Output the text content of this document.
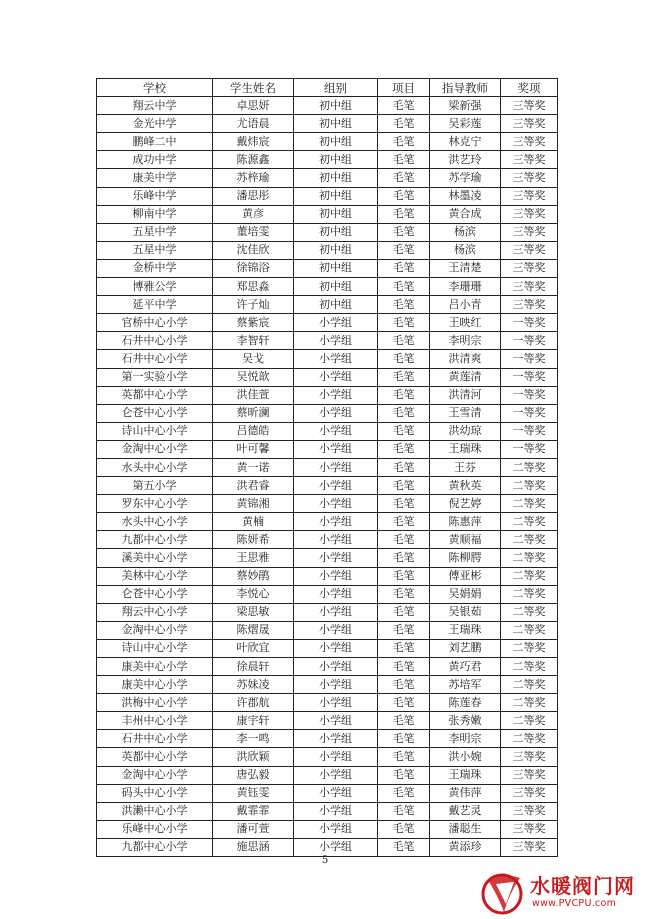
学校	学生姓名	组别	项目	指导教师	奖项
翔云中学	卓思妍	初中组	毛笔	梁新强	三等奖
金光中学	尤语晨	初中组	毛笔	吴彩莲	三等奖
鹏峰二中	戴炜宸	初中组	毛笔	林克宁	三等奖
成功中学	陈源鑫	初中组	毛笔	洪艺玲	三等奖
康美中学	苏梓瑜	初中组	毛笔	苏学瑜	三等奖
乐峰中学	潘思彤	初中组	毛笔	林墨凌	三等奖
柳南中学	黄彦	初中组	毛笔	黄合成	三等奖
五星中学	董培雯	初中组	毛笔	杨滨	三等奖
五星中学	沈佳欣	初中组	毛笔	杨滨	三等奖
金桥中学	徐锦浴	初中组	毛笔	王清楚	三等奖
博雅公学	郑思淼	初中组	毛笔	李珊珊	三等奖
延平中学	许子灿	初中组	毛笔	吕小青	三等奖
官桥中心小学	蔡紫宸	小学组	毛笔	王映红	一等奖
石井中心小学	李智轩	小学组	毛笔	李明宗	一等奖
石井中心小学	吴戈	小学组	毛笔	洪清爽	一等奖
第一实验小学	吴悦歆	小学组	毛笔	黄莲清	一等奖
英都中心小学	洪佳萱	小学组	毛笔	洪清河	一等奖
仑苍中心小学	蔡昕澜	小学组	毛笔	王雪清	一等奖
诗山中心小学	吕德皓	小学组	毛笔	洪幼琼	一等奖
金淘中心小学	叶可馨	小学组	毛笔	王瑞珠	一等奖
水头中心小学	黄一诺	小学组	毛笔	王芬	二等奖
第五小学	洪君睿	小学组	毛笔	黄秋英	二等奖
罗东中心小学	黄锦湘	小学组	毛笔	倪艺婷	二等奖
水头中心小学	黄楠	小学组	毛笔	陈惠萍	二等奖
九都中心小学	陈妍希	小学组	毛笔	黄顺福	二等奖
溪美中心小学	王思雅	小学组	毛笔	陈柳腭	二等奖
美林中心小学	蔡妙鹃	小学组	毛笔	傅亚彬	二等奖
仑苍中心小学	李悦心	小学组	毛笔	吴娟娟	二等奖
翔云中心小学	梁思敏	小学组	毛笔	吴银茹	二等奖
金淘中心小学	陈熠晟	小学组	毛笔	王瑞珠	二等奖
诗山中心小学	叶欣宜	小学组	毛笔	刘艺鹏	二等奖
康美中心小学	徐晨轩	小学组	毛笔	黄巧君	二等奖
康美中心小学	苏妹凌	小学组	毛笔	苏培军	二等奖
洪梅中心小学	许郡航	小学组	毛笔	陈莲春	二等奖
丰州中心小学	康宇轩	小学组	毛笔	张秀嫩	二等奖
石井中心小学	李一鸣	小学组	毛笔	李明宗	二等奖
英都中心小学	洪欣颖	小学组	毛笔	洪小婉	三等奖
金淘中心小学	唐弘毅	小学组	毛笔	王瑞珠	三等奖
码头中心小学	黄钰雯	小学组	毛笔	黄伟萍	三等奖
洪濑中心小学	戴霏霏	小学组	毛笔	戴艺灵	三等奖
乐峰中心小学	潘可萱	小学组	毛笔	潘聪生	三等奖
九都中心小学	施思涵	小学组	毛笔	黄添珍	三等奖
5
水暖阀门网
www.PVCPU.com
